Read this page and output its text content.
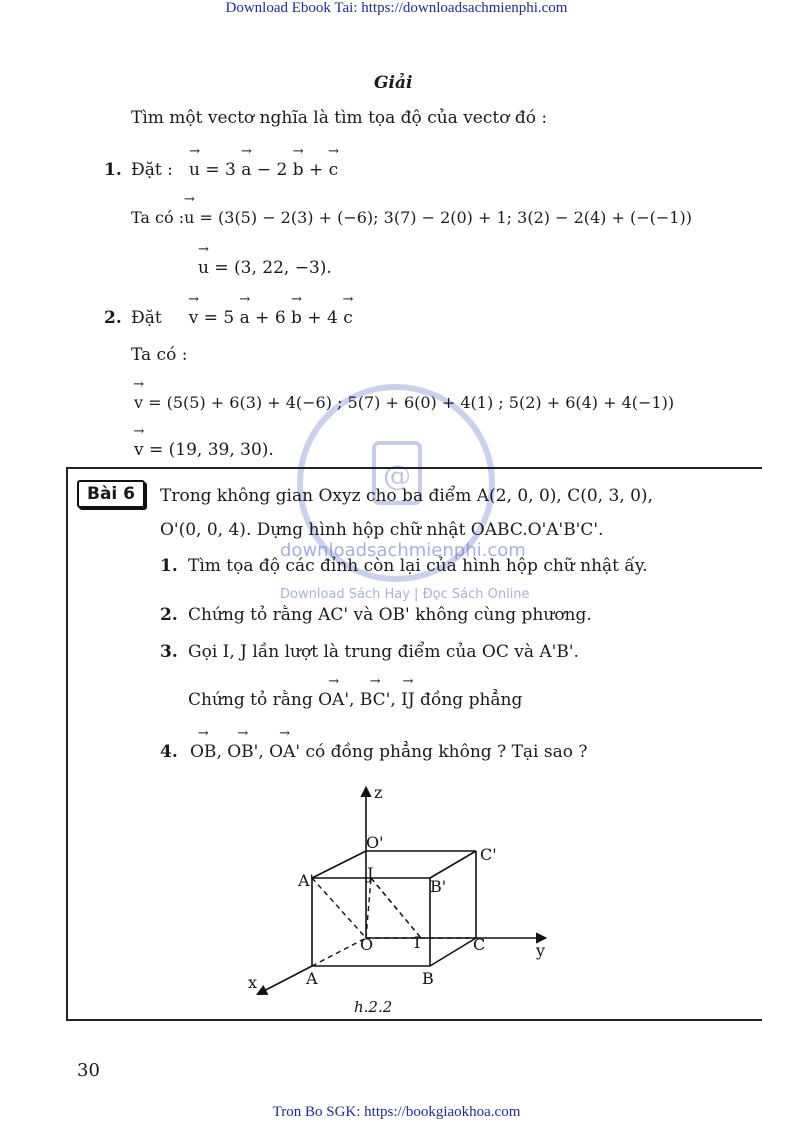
Download Ebook Tai: https://downloadsachmienphi.com
@
downloadsachmienphi.com
Download Sách Hay | Đọc Sách Online
Giải
Tìm một vectơ nghĩa là tìm tọa độ của vectơ đó :
1. Đặt : → u = 3 → a − 2 → b + → c
Ta có :→ u = (3(5) − 2(3) + (−6); 3(7) − 2(0) + 1; 3(2) − 2(4) + (−(−1))
→ u = (3, 22, −3).
2. Đặt → v = 5 → a + 6 → b + 4 → c
Ta có :
→ v = (5(5) + 6(3) + 4(−6) ; 5(7) + 6(0) + 4(1) ; 5(2) + 6(4) + 4(−1))
→ v = (19, 39, 30).
Bài 6	Trong không gian Oxyz cho ba điểm A(2, 0, 0), C(0, 3, 0),
O'(0, 0, 4). Dựng hình hộp chữ nhật OABC.O'A'B'C'.
1. Tìm tọa độ các đỉnh còn lại của hình hộp chữ nhật ấy.
2. Chứng tỏ rằng AC' và OB' không cùng phương.
3. Gọi I, J lần lượt là trung điểm của OC và A'B'.
Chứng tỏ rằng → OA', → BC', → IJ đồng phẳng
4. → OB, → OB', → OA' có đồng phẳng không ? Tại sao ?
z
y
x
O
O'
A
A'
B
B'
C
C'
I
J
h.2.2
30
Tron Bo SGK: https://bookgiaokhoa.com
